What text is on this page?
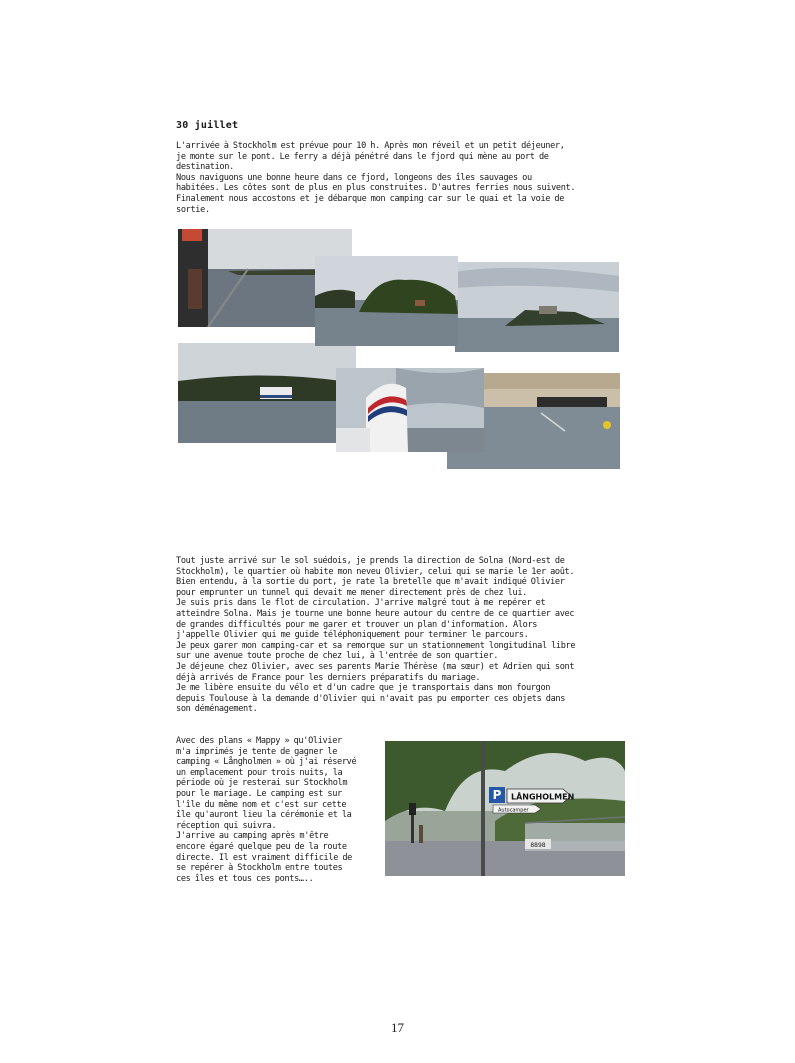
30 juillet

L'arrivée à Stockholm est prévue pour 10 h. Après mon réveil et un petit déjeuner,
je monte sur le pont. Le ferry a déjà pénétré dans le fjord qui mène au port de
destination.
Nous naviguons une bonne heure dans ce fjord, longeons des îles sauvages ou
habitées. Les côtes sont de plus en plus construites. D'autres ferries nous suivent.
Finalement nous accostons et je débarque mon camping car sur le quai et la voie de
sortie.

Tout juste arrivé sur le sol suédois, je prends la direction de Solna (Nord-est de
Stockholm), le quartier où habite mon neveu Olivier, celui qui se marie le 1er août.
Bien entendu, à la sortie du port, je rate la bretelle que m'avait indiqué Olivier
pour emprunter un tunnel qui devait me mener directement près de chez lui.
Je suis pris dans le flot de circulation. J'arrive malgré tout à me repérer et
atteindre Solna. Mais je tourne une bonne heure autour du centre de ce quartier avec
de grandes difficultés pour me garer et trouver un plan d'information. Alors
j'appelle Olivier qui me guide téléphoniquement pour terminer le parcours.
Je peux garer mon camping-car et sa remorque sur un stationnement longitudinal libre
sur une avenue toute proche de chez lui, à l'entrée de son quartier.
Je déjeune chez Olivier, avec ses parents Marie Thérèse (ma sœur) et Adrien qui sont
déjà arrivés de France pour les derniers préparatifs du mariage.
Je me libère ensuite du vélo et d'un cadre que je transportais dans mon fourgon
depuis Toulouse à la demande d'Olivier qui n'avait pas pu emporter ces objets dans
son déménagement.

Avec des plans « Mappy » qu'Olivier
m'a imprimés je tente de gagner le
camping « Långholmen » où j'ai réservé
un emplacement pour trois nuits, la
période où je resterai sur Stockholm
pour le mariage. Le camping est sur
l'île du même nom et c'est sur cette
île qu'auront lieu la cérémonie et la
réception qui suivra.
J'arrive au camping après m'être
encore égaré quelque peu de la route
directe. Il est vraiment difficile de
se repérer à Stockholm entre toutes
ces îles et tous ces ponts…..

P LÅNGHOLMEN
Autocamper
8898
17
